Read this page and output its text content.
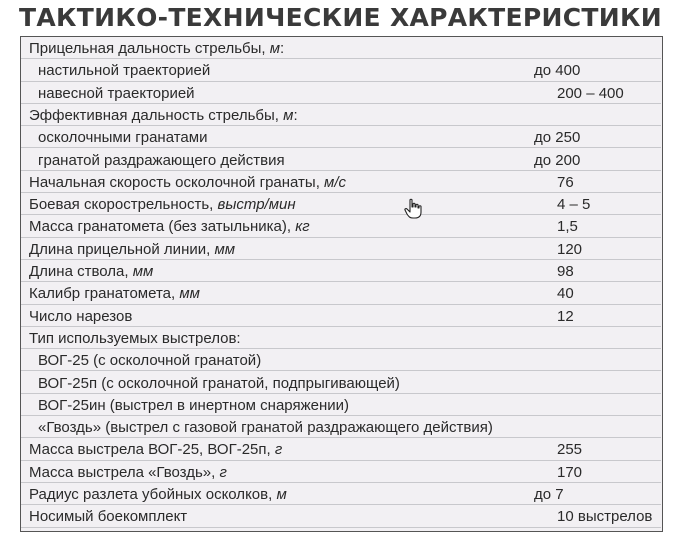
ТАКТИКО-ТЕХНИЧЕСКИЕ ХАРАКТЕРИСТИКИ
Прицельная дальность стрельбы, м:
настильной траекторией	до 400
навесной траекторией	200 – 400
Эффективная дальность стрельбы, м:
осколочными гранатами	до 250
гранатой раздражающего действия	до 200
Начальная скорость осколочной гранаты, м/с	76
Боевая скорострельность, выстр/мин	4 – 5
Масса гранатомета (без затыльника), кг	1,5
Длина прицельной линии, мм	120
Длина ствола, мм	98
Калибр гранатомета, мм	40
Число нарезов	12
Тип используемых выстрелов:
ВОГ-25 (с осколочной гранатой)
ВОГ-25п (с осколочной гранатой, подпрыгивающей)
ВОГ-25ин (выстрел в инертном снаряжении)
«Гвоздь» (выстрел с газовой гранатой раздражающего действия)
Масса выстрела ВОГ-25, ВОГ-25п, г	255
Масса выстрела «Гвоздь», г	170
Радиус разлета убойных осколков, м	до 7
Носимый боекомплект	10 выстрелов
